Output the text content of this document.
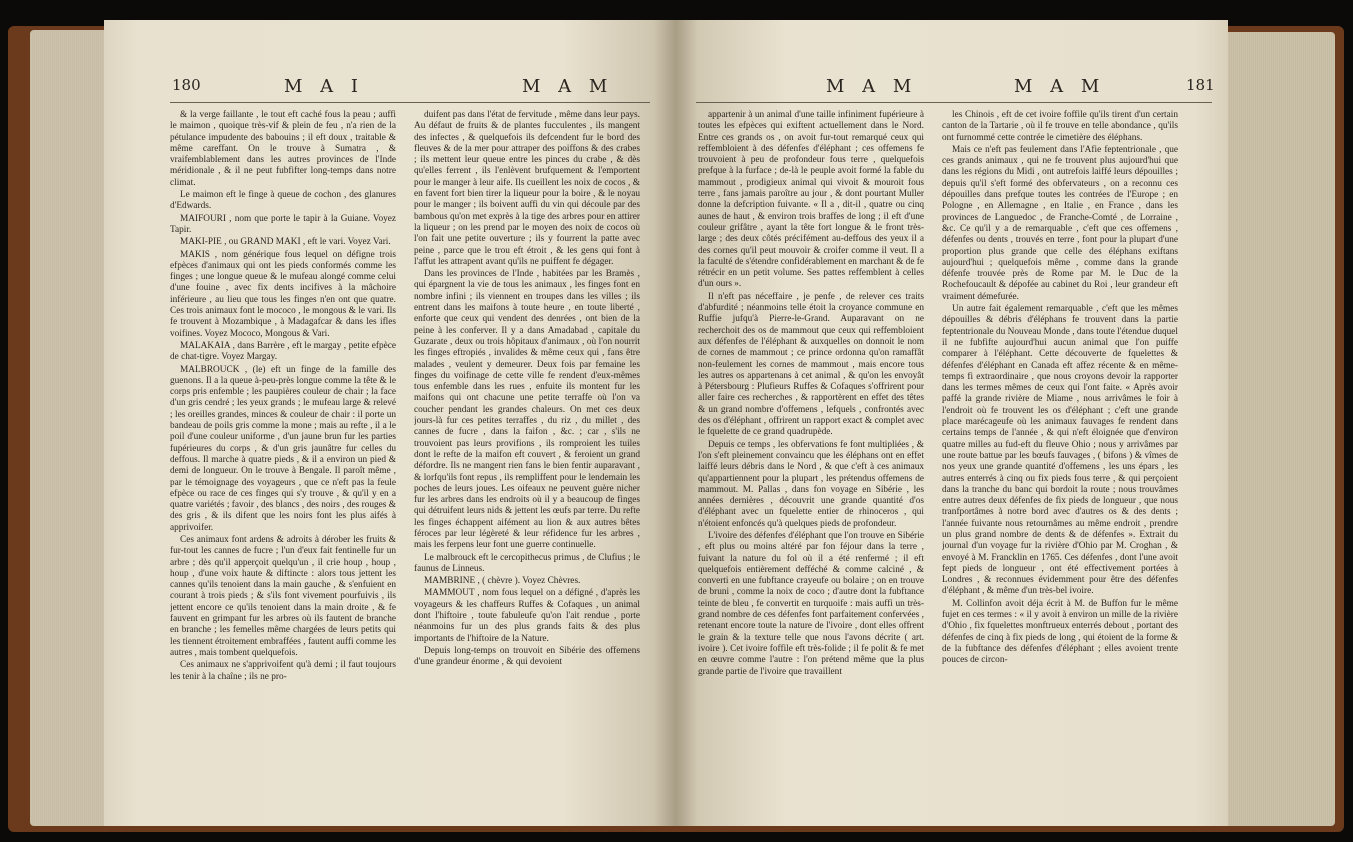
180	M A I	M A M

& la verge faillante , le tout eft caché fous la peau ; auffi le maimon , quoique très-vif & plein de feu , n'a rien de la pétulance impudente des babouins ; il eft doux , traitable & même careffant. On le trouve à Sumatra , & vraifemblablement dans les autres provinces de l'Inde méridionale , & il ne peut fubfifter long-temps dans notre climat.

Le maimon eft le finge à queue de cochon , des glanures d'Edwards.

MAIFOURI , nom que porte le tapir à la Guiane. Voyez Tapir.

MAKI-PIE , ou GRAND MAKI , eft le vari. Voyez Vari.

MAKIS , nom générique fous lequel on défigne trois efpèces d'animaux qui ont les pieds conformés comme les finges ; une longue queue & le mufeau alongé comme celui d'une fouine , avec fix dents incifives à la mâchoire inférieure , au lieu que tous les finges n'en ont que quatre. Ces trois animaux font le mococo , le mongous & le vari. Ils fe trouvent à Mozambique , à Madagafcar & dans les ifles voifines. Voyez Mococo, Mongous & Vari.

MALAKAIA , dans Barrère , eft le margay , petite efpèce de chat-tigre. Voyez Margay.

MALBROUCK , (le) eft un finge de la famille des guenons. Il a la queue à-peu-près longue comme la tête & le corps pris enfemble ; les paupières couleur de chair ; la face d'un gris cendré ; les yeux grands ; le mufeau large & relevé ; les oreilles grandes, minces & couleur de chair : il porte un bandeau de poils gris comme la mone ; mais au refte , il a le poil d'une couleur uniforme , d'un jaune brun fur les parties fupérieures du corps , & d'un gris jaunâtre fur celles du deffous. Il marche à quatre pieds , & il a environ un pied & demi de longueur. On le trouve à Bengale. Il paroît même , par le témoignage des voyageurs , que ce n'eft pas la feule efpèce ou race de ces finges qui s'y trouve , & qu'il y en a quatre variétés ; favoir , des blancs , des noirs , des rouges & des gris , & ils difent que les noirs font les plus aifés à apprivoifer.

Ces animaux font ardens & adroits à dérober les fruits & fur-tout les cannes de fucre ; l'un d'eux fait fentinelle fur un arbre ; dès qu'il apperçoit quelqu'un , il crie houp , houp , houp , d'une voix haute & diftincte : alors tous jettent les cannes qu'ils tenoient dans la main gauche , & s'enfuient en courant à trois pieds ; & s'ils font vivement pourfuivis , ils jettent encore ce qu'ils tenoient dans la main droite , & fe fauvent en grimpant fur les arbres où ils fautent de branche en branche ; les femelles même chargées de leurs petits qui les tiennent étroitement embraffées , fautent auffi comme les autres , mais tombent quelquefois.

Ces animaux ne s'apprivoifent qu'à demi ; il faut toujours les tenir à la chaîne ; ils ne pro-

duifent pas dans l'état de fervitude , même dans leur pays. Au défaut de fruits & de plantes fucculentes , ils mangent des infectes , & quelquefois ils defcendent fur le bord des fleuves & de la mer pour attraper des poiffons & des crabes ; ils mettent leur queue entre les pinces du crabe , & dès qu'elles ferrent , ils l'enlèvent brufquement & l'emportent pour le manger à leur aife. Ils cueillent les noix de cocos , & en favent fort bien tirer la liqueur pour la boire , & le noyau pour le manger ; ils boivent auffi du vin qui découle par des bambous qu'on met exprès à la tige des arbres pour en attirer la liqueur ; on les prend par le moyen des noix de cocos où l'on fait une petite ouverture ; ils y fourrent la patte avec peine , parce que le trou eft étroit , & les gens qui font à l'affut les attrapent avant qu'ils ne puiffent fe dégager.

Dans les provinces de l'Inde , habitées par les Bramès , qui épargnent la vie de tous les animaux , les finges font en nombre infini ; ils viennent en troupes dans les villes ; ils entrent dans les maifons à toute heure , en toute liberté , enforte que ceux qui vendent des denrées , ont bien de la peine à les conferver. Il y a dans Amadabad , capitale du Guzarate , deux ou trois hôpitaux d'animaux , où l'on nourrit les finges eftropiés , invalides & même ceux qui , fans être malades , veulent y demeurer. Deux fois par femaine les finges du voifinage de cette ville fe rendent d'eux-mêmes tous enfemble dans les rues , enfuite ils montent fur les maifons qui ont chacune une petite terraffe où l'on va coucher pendant les grandes chaleurs. On met ces deux jours-là fur ces petites terraffes , du riz , du millet , des cannes de fucre , dans la faifon , &c. ; car , s'ils ne trouvoient pas leurs provifions , ils romproient les tuiles dont le refte de la maifon eft couvert , & feroient un grand défordre. Ils ne mangent rien fans le bien fentir auparavant , & lorfqu'ils font repus , ils rempliffent pour le lendemain les poches de leurs joues. Les oifeaux ne peuvent guère nicher fur les arbres dans les endroits où il y a beaucoup de finges qui détruifent leurs nids & jettent les œufs par terre. Du refte les finges échappent aifément au lion & aux autres bêtes féroces par leur légèreté & leur réfidence fur les arbres , mais les ferpens leur font une guerre continuelle.

Le malbrouck eft le cercopithecus primus , de Clufius ; le faunus de Linneus.

MAMBRINE , ( chèvre ). Voyez Chèvres.

MAMMOUT , nom fous lequel on a défigné , d'après les voyageurs & les chaffeurs Ruffes & Cofaques , un animal dont l'hiftoire , toute fabuleufe qu'on l'ait rendue , porte néanmoins fur un des plus grands faits & des plus importants de l'hiftoire de la Nature.

Depuis long-temps on trouvoit en Sibérie des offemens d'une grandeur énorme , & qui devoient

M A M	M A M	181

appartenir à un animal d'une taille infiniment fupérieure à toutes les efpèces qui exiftent actuellement dans le Nord. Entre ces grands os , on avoit fur-tout remarqué ceux qui reffembloient à des défenfes d'éléphant ; ces offemens fe trouvoient à peu de profondeur fous terre , quelquefois prefque à la furface ; de-là le peuple avoit formé la fable du mammout , prodigieux animal qui vivoit & mouroit fous terre , fans jamais paroître au jour , & dont pourtant Muller donne la defcription fuivante. « Il a , dit-il , quatre ou cinq aunes de haut , & environ trois braffes de long ; il eft d'une couleur grifâtre , ayant la tête fort longue & le front très-large ; des deux côtés précifément au-deffous des yeux il a des cornes qu'il peut mouvoir & croifer comme il veut. Il a la faculté de s'étendre confidérablement en marchant & de fe rétrécir en un petit volume. Ses pattes reffemblent à celles d'un ours ».

Il n'eft pas néceffaire , je penfe , de relever ces traits d'abfurdité ; néanmoins telle étoit la croyance commune en Ruffie jufqu'à Pierre-le-Grand. Auparavant on ne recherchoit des os de mammout que ceux qui reffembloient aux défenfes de l'éléphant & auxquelles on donnoit le nom de cornes de mammout ; ce prince ordonna qu'on ramaffât non-feulement les cornes de mammout , mais encore tous les autres os appartenans à cet animal , & qu'on les envoyât à Pétersbourg : Plufieurs Ruffes & Cofaques s'offrirent pour aller faire ces recherches , & rapportèrent en effet des têtes & un grand nombre d'offemens , lefquels , confrontés avec des os d'éléphant , offrirent un rapport exact & complet avec le fquelette de ce grand quadrupède.

Depuis ce temps , les obfervations fe font multipliées , & l'on s'eft pleinement convaincu que les éléphans ont en effet laiffé leurs débris dans le Nord , & que c'eft à ces animaux qu'appartiennent pour la plupart , les prétendus offemens de mammout. M. Pallas , dans fon voyage en Sibérie , les années dernières , découvrit une grande quantité d'os d'éléphant avec un fquelette entier de rhinoceros , qui n'étoient enfoncés qu'à quelques pieds de profondeur.

L'ivoire des défenfes d'éléphant que l'on trouve en Sibérie , eft plus ou moins altéré par fon féjour dans la terre , fuivant la nature du fol où il a été renfermé ; il eft quelquefois entièrement defféché & comme calciné , & converti en une fubftance crayeufe ou bolaire ; on en trouve de bruni , comme la noix de coco ; d'autre dont la fubftance teinte de bleu , fe convertit en turquoife : mais auffi un très-grand nombre de ces défenfes font parfaitement confervées , retenant encore toute la nature de l'ivoire , dont elles offrent le grain & la texture telle que nous l'avons décrite ( art. ivoire ). Cet ivoire foffile eft très-folide ; il fe polit & fe met en œuvre comme l'autre : l'on prétend même que la plus grande partie de l'ivoire que travaillent

les Chinois , eft de cet ivoire foffile qu'ils tirent d'un certain canton de la Tartarie , où il fe trouve en telle abondance , qu'ils ont furnommé cette contrée le cimetière des éléphans.

Mais ce n'eft pas feulement dans l'Afie feptentrionale , que ces grands animaux , qui ne fe trouvent plus aujourd'hui que dans les régions du Midi , ont autrefois laiffé leurs dépouilles ; depuis qu'il s'eft formé des obfervateurs , on a reconnu ces dépouilles dans prefque toutes les contrées de l'Europe ; en Pologne , en Allemagne , en Italie , en France , dans les provinces de Languedoc , de Franche-Comté , de Lorraine , &c. Ce qu'il y a de remarquable , c'eft que ces offemens , défenfes ou dents , trouvés en terre , font pour la plupart d'une proportion plus grande que celle des éléphans exiftans aujourd'hui ; quelquefois même , comme dans la grande défenfe trouvée près de Rome par M. le Duc de la Rochefoucault & dépofée au cabinet du Roi , leur grandeur eft vraiment démefurée.

Un autre fait également remarquable , c'eft que les mêmes dépouilles & débris d'éléphans fe trouvent dans la partie feptentrionale du Nouveau Monde , dans toute l'étendue duquel il ne fubfifte aujourd'hui aucun animal que l'on puiffe comparer à l'éléphant. Cette découverte de fquelettes & défenfes d'éléphant en Canada eft affez récente & en même-temps fi extraordinaire , que nous croyons devoir la rapporter dans les termes mêmes de ceux qui l'ont faite. « Après avoir paffé la grande rivière de Miame , nous arrivâmes le foir à l'endroit où fe trouvent les os d'éléphant ; c'eft une grande place marécageufe où les animaux fauvages fe rendent dans certains temps de l'année , & qui n'eft éloignée que d'environ quatre milles au fud-eft du fleuve Ohio ; nous y arrivâmes par une route battue par les bœufs fauvages , ( bifons ) & vîmes de nos yeux une grande quantité d'offemens , les uns épars , les autres enterrés à cinq ou fix pieds fous terre , & qui perçoient dans la tranche du banc qui bordoit la route ; nous trouvâmes entre autres deux défenfes de fix pieds de longueur , que nous tranfportâmes à notre bord avec d'autres os & des dents ; l'année fuivante nous retournâmes au même endroit , prendre un plus grand nombre de dents & de défenfes ». Extrait du journal d'un voyage fur la rivière d'Ohio par M. Croghan , & envoyé à M. Francklin en 1765. Ces défenfes , dont l'une avoit fept pieds de longueur , ont été effectivement portées à Londres , & reconnues évidemment pour être des défenfes d'éléphant , & même d'un très-bel ivoire.

M. Collinfon avoit déja écrit à M. de Buffon fur le même fujet en ces termes : « il y avoit à environ un mille de la rivière d'Ohio , fix fquelettes monftrueux enterrés debout , portant des défenfes de cinq à fix pieds de long , qui étoient de la forme & de la fubftance des défenfes d'éléphant ; elles avoient trente pouces de circon-
